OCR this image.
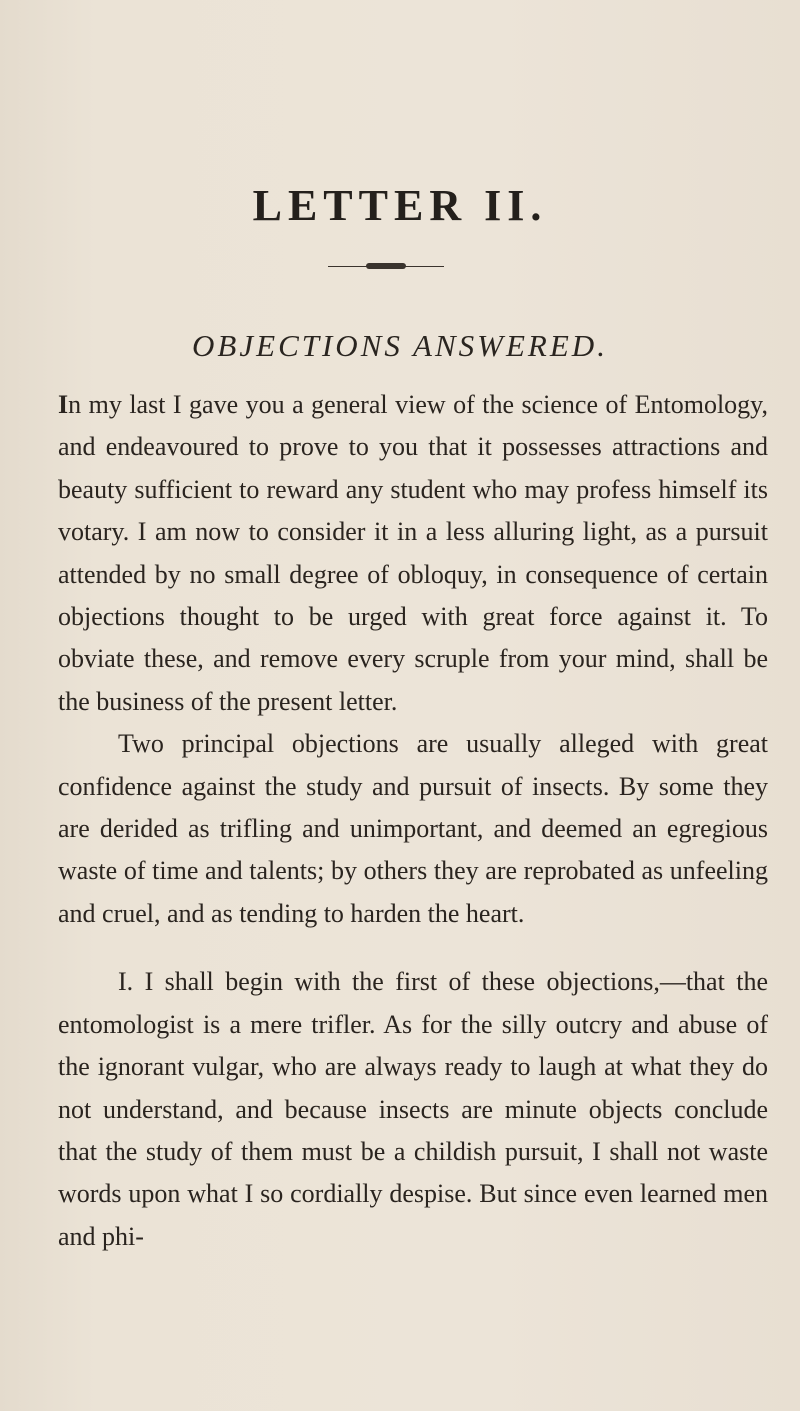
LETTER II.
OBJECTIONS ANSWERED.

In my last I gave you a general view of the science of Entomology, and endeavoured to prove to you that it possesses attractions and beauty sufficient to reward any student who may profess himself its votary. I am now to consider it in a less alluring light, as a pursuit attended by no small degree of obloquy, in consequence of certain objections thought to be urged with great force against it. To obviate these, and remove every scruple from your mind, shall be the business of the present letter.

Two principal objections are usually alleged with great confidence against the study and pursuit of insects. By some they are derided as trifling and unimportant, and deemed an egregious waste of time and talents; by others they are reprobated as unfeeling and cruel, and as tending to harden the heart.

I. I shall begin with the first of these objections,—that the entomologist is a mere trifler. As for the silly outcry and abuse of the ignorant vulgar, who are always ready to laugh at what they do not understand, and because insects are minute objects conclude that the study of them must be a childish pursuit, I shall not waste words upon what I so cordially despise. But since even learned men and phi-
